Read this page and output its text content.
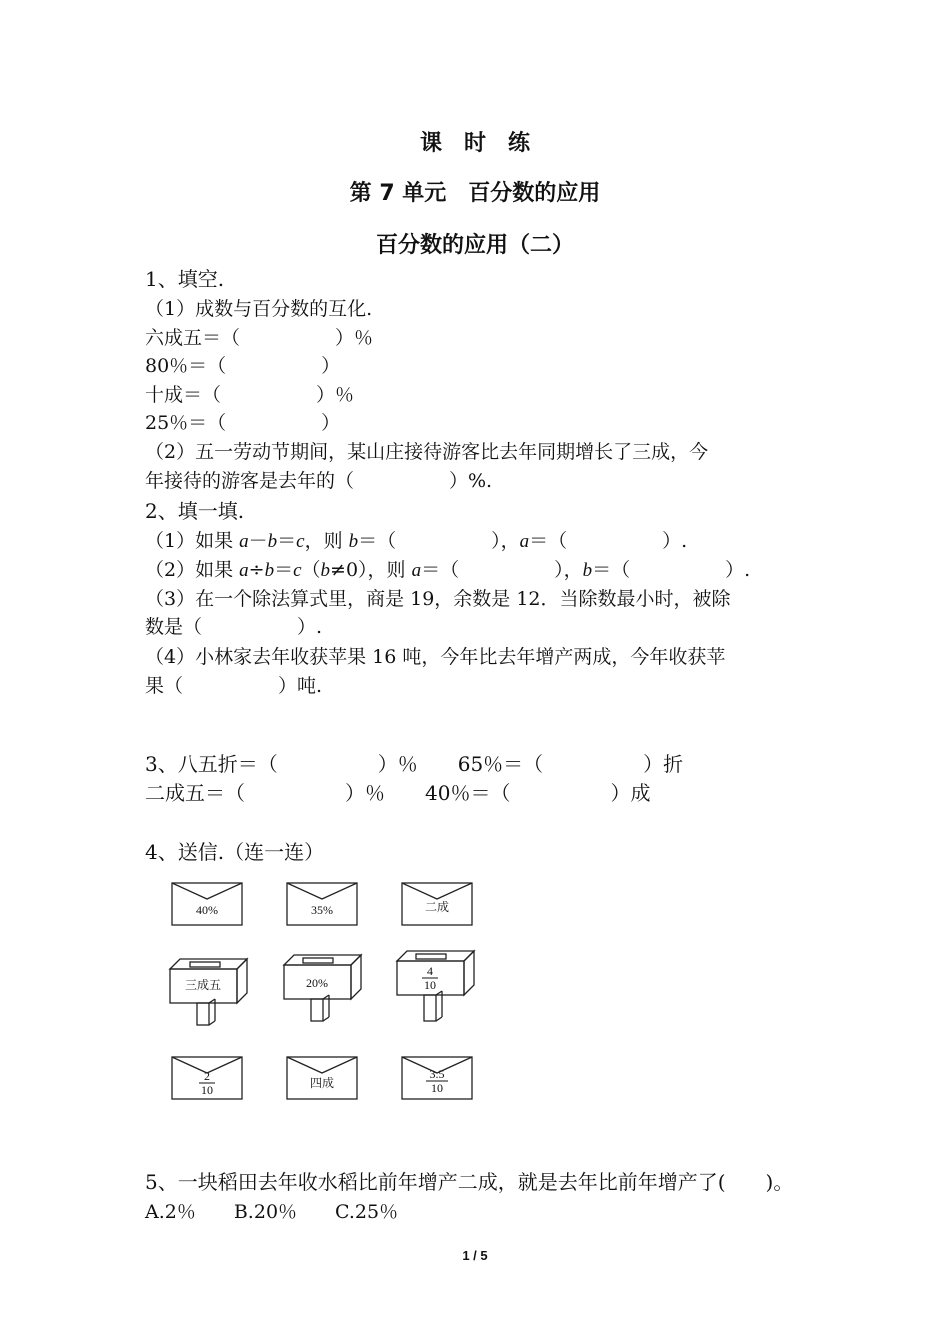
课　时　练
第 7 单元　百分数的应用
百分数的应用（二）
1、填空.
（1）成数与百分数的互化.
六成五＝（　　　　　）％
80％＝（　　　　　）
十成＝（　　　　　）％
25％＝（　　　　　）
（2）五一劳动节期间，某山庄接待游客比去年同期增长了三成，今
年接待的游客是去年的（　　　　　）%.
2、填一填.
（1）如果 a－b＝c，则 b＝（　　　　　），a＝（　　　　　）.
（2）如果 a÷b＝c（b≠0），则 a＝（　　　　　），b＝（　　　　　）.
（3）在一个除法算式里，商是 19，余数是 12．当除数最小时，被除
数是（　　　　　）.
（4）小林家去年收获苹果 16 吨，今年比去年增产两成，今年收获苹
果（　　　　　）吨.
3、八五折＝（　　　　　）％　　65％＝（　　　　　）折
二成五＝（　　　　　）％　　40％＝（　　　　　）成
4、送信.（连一连）
40%	35%	二成
三成五	20%
4
10
2
10	四成
3.5
10
5、一块稻田去年收水稻比前年增产二成，就是去年比前年增产了(　　)。
A.2％　　B.20％　　C.25％
1 / 5
